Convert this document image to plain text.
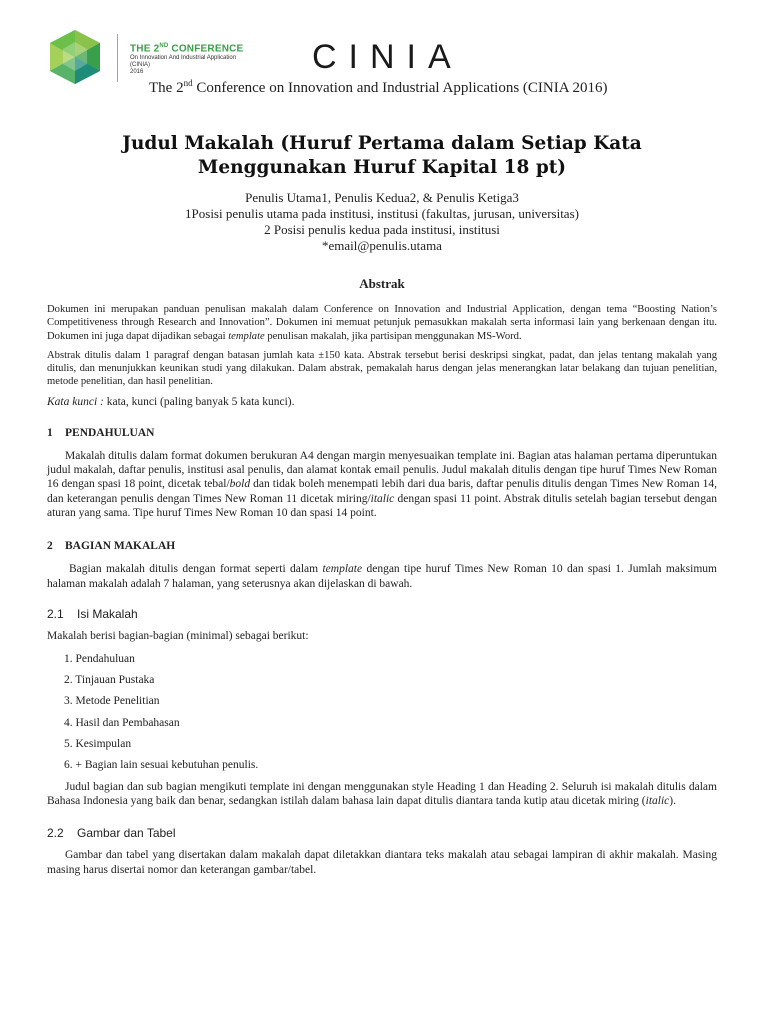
THE 2ND CONFERENCE
On Innovation And Industrial Application
(CINIA)
2016	CINIA
The 2nd Conference on Innovation and Industrial Applications (CINIA 2016)
Judul Makalah (Huruf Pertama dalam Setiap Kata Menggunakan Huruf Kapital 18 pt)

Penulis Utama1, Penulis Kedua2, & Penulis Ketiga3

1Posisi penulis utama pada institusi, institusi (fakultas, jurusan, universitas)

2 Posisi penulis kedua pada institusi, institusi

*email@penulis.utama

Abstrak

Dokumen ini merupakan panduan penulisan makalah dalam Conference on Innovation and Industrial Application, dengan tema “Boosting Nation’s Competitiveness through Research and Innovation”. Dokumen ini memuat petunjuk pemasukkan makalah serta informasi lain yang berkenaan dengan itu. Dokumen ini juga dapat dijadikan sebagai template penulisan makalah, jika partisipan menggunakan MS-Word.

Abstrak ditulis dalam 1 paragraf dengan batasan jumlah kata ±150 kata. Abstrak tersebut berisi deskripsi singkat, padat, dan jelas tentang makalah yang ditulis, dan menunjukkan keunikan studi yang dilakukan. Dalam abstrak, pemakalah harus dengan jelas menerangkan latar belakang dan tujuan penelitian, metode penelitian, dan hasil penelitian.

Kata kunci : kata, kunci (paling banyak 5 kata kunci).

1 PENDAHULUAN

Makalah ditulis dalam format dokumen berukuran A4 dengan margin menyesuaikan template ini. Bagian atas halaman pertama diperuntukan judul makalah, daftar penulis, institusi asal penulis, dan alamat kontak email penulis. Judul makalah ditulis dengan tipe huruf Times New Roman 16 dengan spasi 18 point, dicetak tebal/bold dan tidak boleh menempati lebih dari dua baris, daftar penulis ditulis dengan Times New Roman 14, dan keterangan penulis dengan Times New Roman 11 dicetak miring/italic dengan spasi 11 point. Abstrak ditulis setelah bagian tersebut dengan aturan yang sama. Tipe huruf Times New Roman 10 dan spasi 14 point.

2 BAGIAN MAKALAH

Bagian makalah ditulis dengan format seperti dalam template dengan tipe huruf Times New Roman 10 dan spasi 1. Jumlah maksimum halaman makalah adalah 7 halaman, yang seterusnya akan dijelaskan di bawah.

2.1 Isi Makalah

Makalah berisi bagian-bagian (minimal) sebagai berikut:

1. Pendahuluan
2. Tinjauan Pustaka
3. Metode Penelitian
4. Hasil dan Pembahasan
5. Kesimpulan
6. + Bagian lain sesuai kebutuhan penulis.

Judul bagian dan sub bagian mengikuti template ini dengan menggunakan style Heading 1 dan Heading 2. Seluruh isi makalah ditulis dalam Bahasa Indonesia yang baik dan benar, sedangkan istilah dalam bahasa lain dapat ditulis diantara tanda kutip atau dicetak miring (italic).

2.2 Gambar dan Tabel

Gambar dan tabel yang disertakan dalam makalah dapat diletakkan diantara teks makalah atau sebagai lampiran di akhir makalah. Masing masing harus disertai nomor dan keterangan gambar/tabel.
